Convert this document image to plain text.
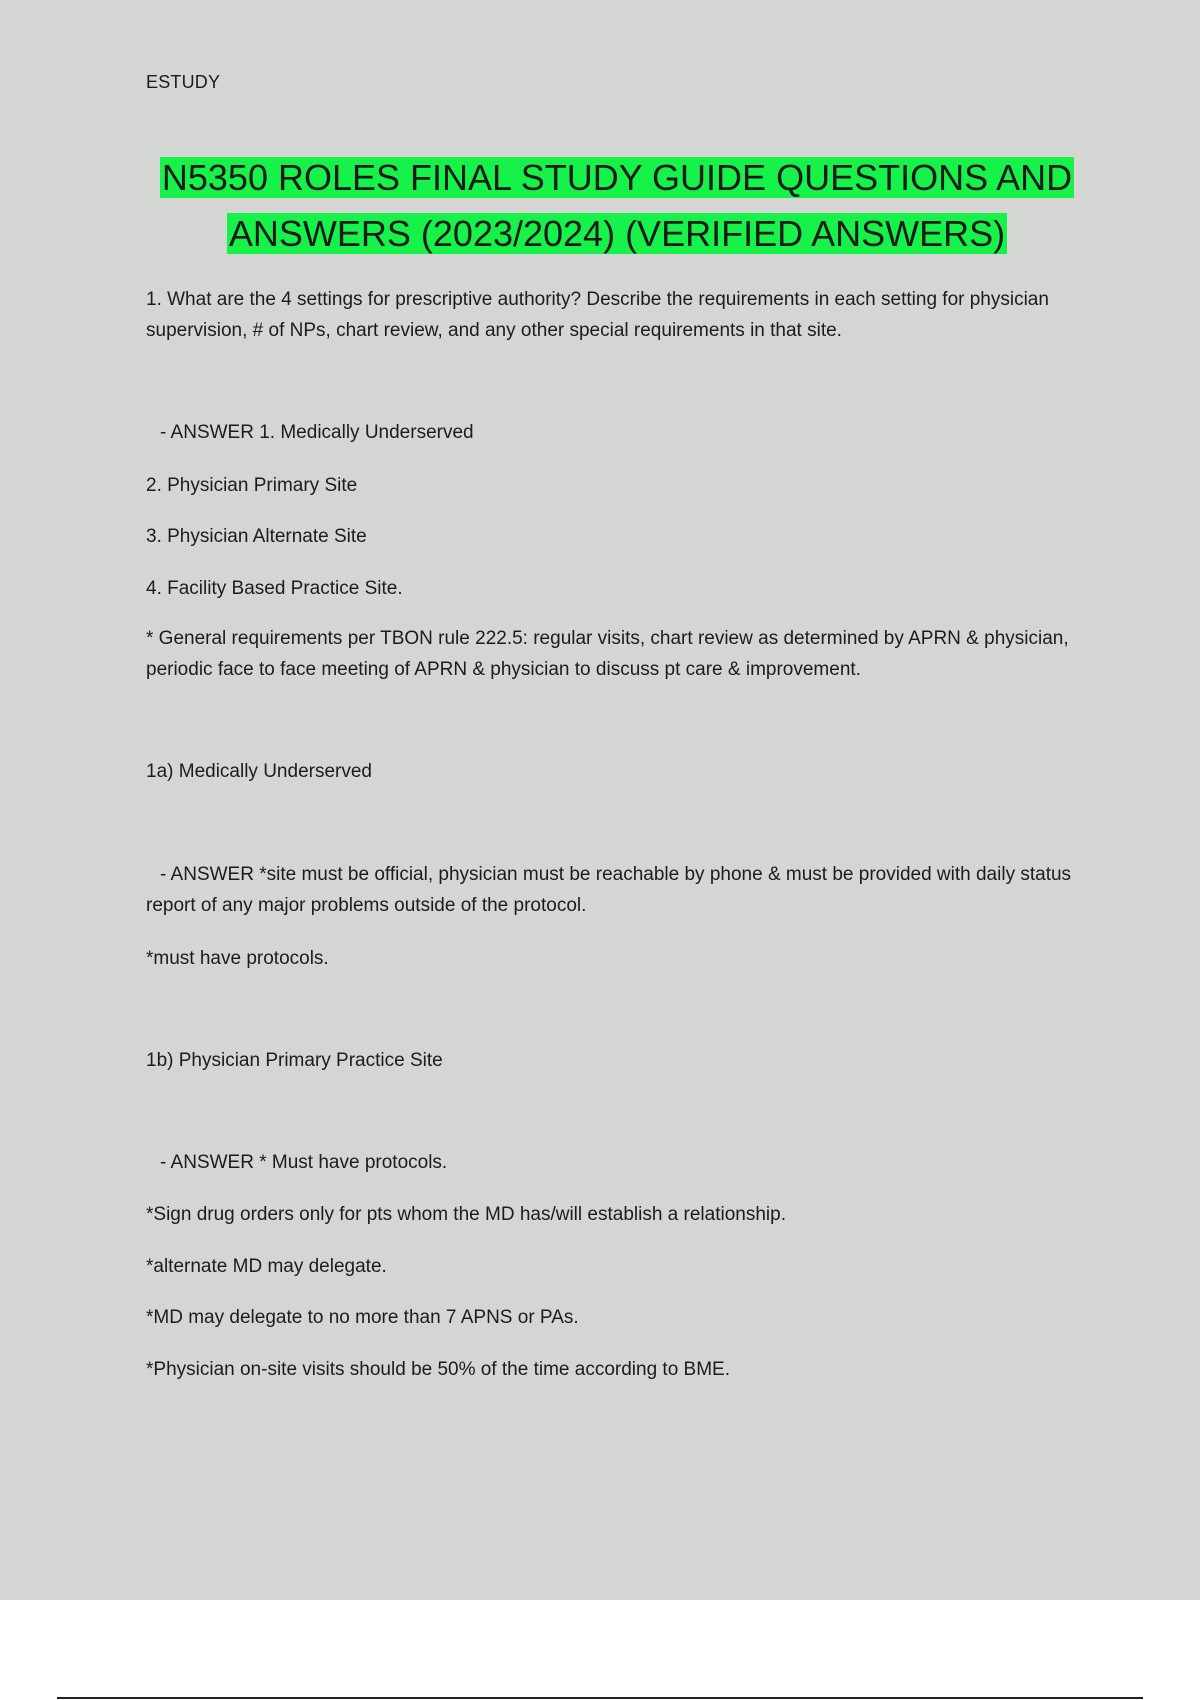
ESTUDY
N5350 ROLES FINAL STUDY GUIDE QUESTIONS AND
ANSWERS (2023/2024) (VERIFIED ANSWERS)

1. What are the 4 settings for prescriptive authority? Describe the requirements in each setting for physician supervision, # of NPs, chart review, and any other special requirements in that site.

- ANSWER 1. Medically Underserved

2. Physician Primary Site

3. Physician Alternate Site

4. Facility Based Practice Site.

* General requirements per TBON rule 222.5: regular visits, chart review as determined by APRN & physician, periodic face to face meeting of APRN & physician to discuss pt care & improvement.

1a) Medically Underserved

- ANSWER *site must be official, physician must be reachable by phone & must be provided with daily status report of any major problems outside of the protocol.

*must have protocols.

1b) Physician Primary Practice Site

- ANSWER * Must have protocols.

*Sign drug orders only for pts whom the MD has/will establish a relationship.

*alternate MD may delegate.

*MD may delegate to no more than 7 APNS or PAs.

*Physician on-site visits should be 50% of the time according to BME.
